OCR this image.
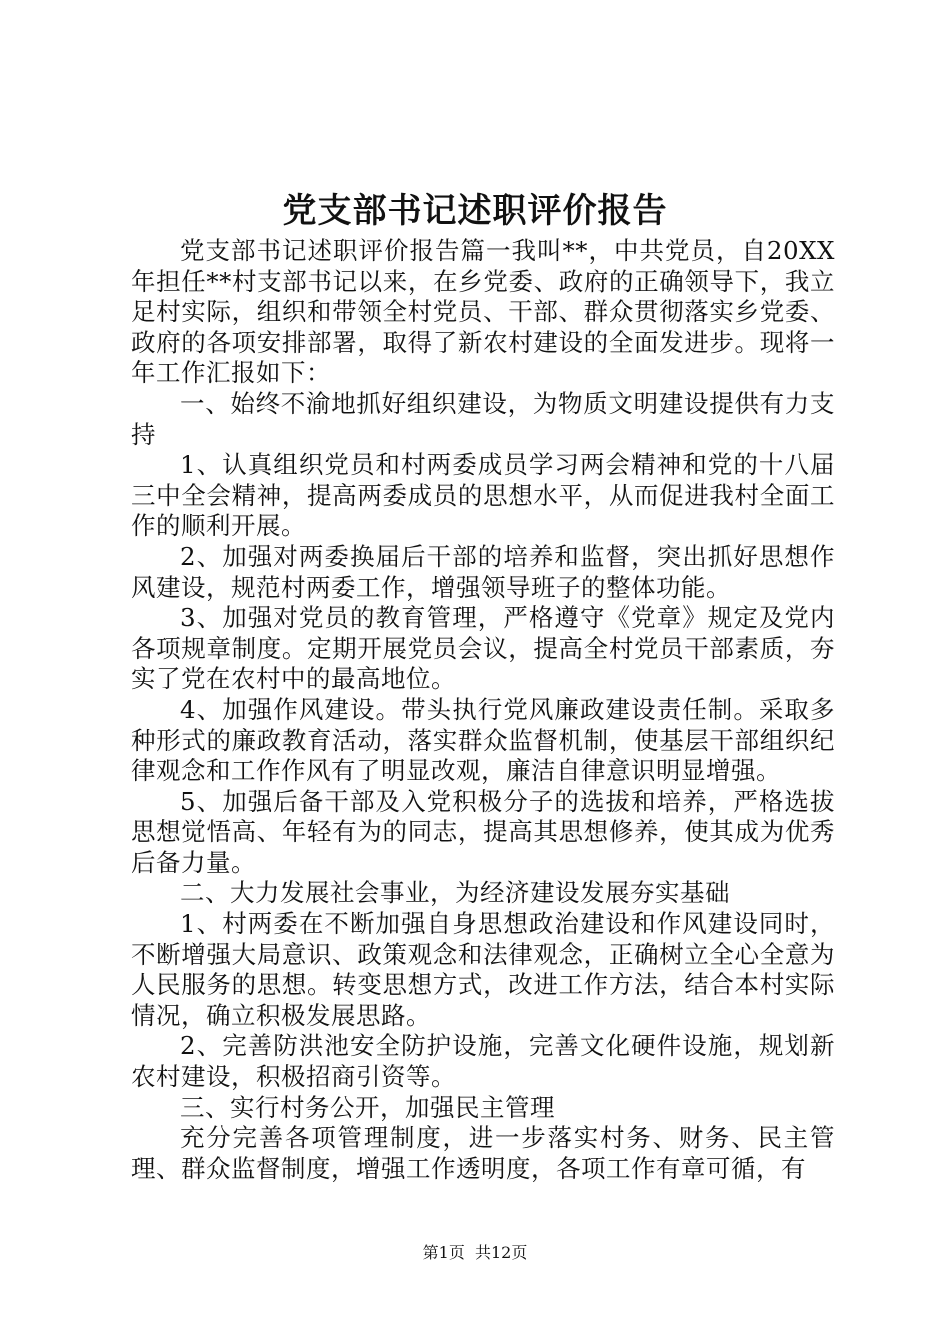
党支部书记述职评价报告

党支部书记述职评价报告篇一我叫**，中共党员，自20XX年担任**村支部书记以来，在乡党委、政府的正确领导下，我立足村实际，组织和带领全村党员、干部、群众贯彻落实乡党委、政府的各项安排部署，取得了新农村建设的全面发进步。现将一年工作汇报如下：

一、始终不渝地抓好组织建设，为物质文明建设提供有力支持

1、认真组织党员和村两委成员学习两会精神和党的十八届三中全会精神，提高两委成员的思想水平，从而促进我村全面工作的顺利开展。

2、加强对两委换届后干部的培养和监督，突出抓好思想作风建设，规范村两委工作，增强领导班子的整体功能。

3、加强对党员的教育管理，严格遵守《党章》规定及党内各项规章制度。定期开展党员会议，提高全村党员干部素质，夯实了党在农村中的最高地位。

4、加强作风建设。带头执行党风廉政建设责任制。采取多种形式的廉政教育活动，落实群众监督机制，使基层干部组织纪律观念和工作作风有了明显改观，廉洁自律意识明显增强。

5、加强后备干部及入党积极分子的选拔和培养，严格选拔思想觉悟高、年轻有为的同志，提高其思想修养，使其成为优秀后备力量。

二、大力发展社会事业，为经济建设发展夯实基础

1、村两委在不断加强自身思想政治建设和作风建设同时，不断增强大局意识、政策观念和法律观念，正确树立全心全意为人民服务的思想。转变思想方式，改进工作方法，结合本村实际情况，确立积极发展思路。

2、完善防洪池安全防护设施，完善文化硬件设施，规划新农村建设，积极招商引资等。

三、实行村务公开，加强民主管理

充分完善各项管理制度，进一步落实村务、财务、民主管理、群众监督制度，增强工作透明度，各项工作有章可循，有

第1页  共12页
